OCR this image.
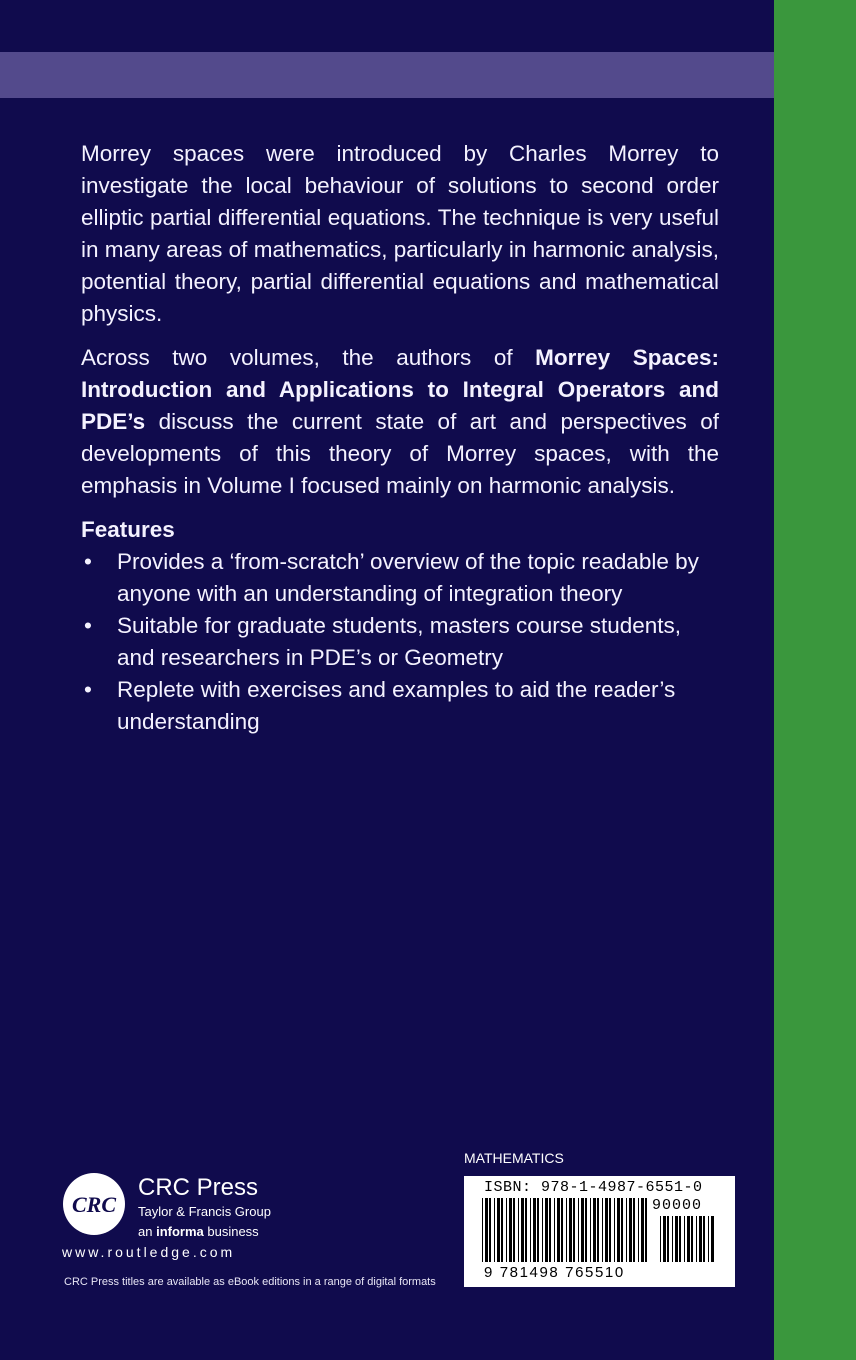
Morrey spaces were introduced by Charles Morrey to investigate the local behaviour of solutions to second order elliptic partial differential equations. The technique is very useful in many areas of mathematics, particularly in harmonic analysis, potential theory, partial differential equations and mathematical physics.

Across two volumes, the authors of Morrey Spaces: Introduction and Applications to Integral Operators and PDE’s discuss the current state of art and perspectives of developments of this theory of Morrey spaces, with the emphasis in Volume I focused mainly on harmonic analysis.

Features
• Provides a ‘from-scratch’ overview of the topic readable by anyone with an understanding of integration theory
• Suitable for graduate students, masters course students, and researchers in PDE’s or Geometry
• Replete with exercises and examples to aid the reader’s understanding
CRC
CRC Press
Taylor & Francis Group
an informa business
www.routledge.com
CRC Press titles are available as eBook editions in a range of digital formats
MATHEMATICS
ISBN: 978-1-4987-6551-0
90000
9 781498 765510
